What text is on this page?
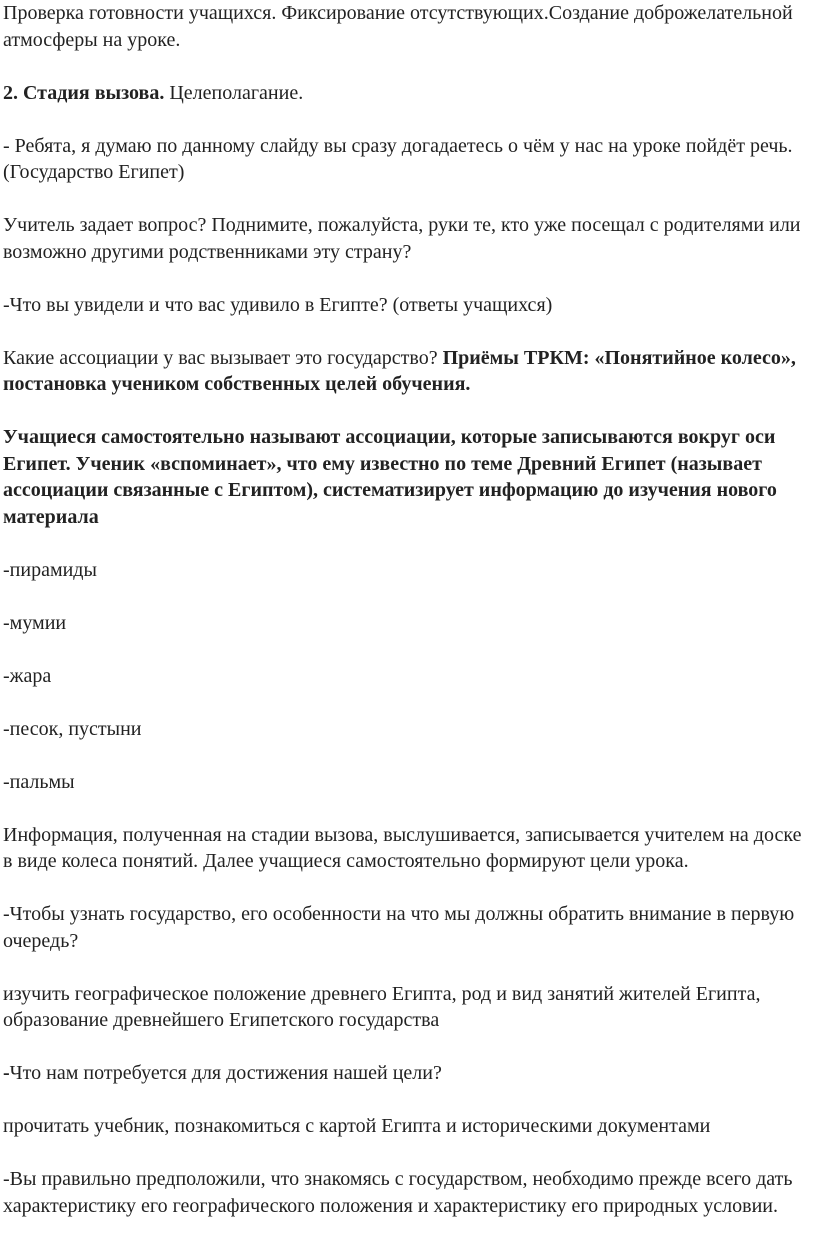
Проверка готовности учащихся. Фиксирование отсутствующих.Создание доброжелательной атмосферы на уроке.

2. Стадия вызова. Целеполагание.

- Ребята, я думаю по данному слайду вы сразу догадаетесь о чём у нас на уроке пойдёт речь.(Государство Египет)

Учитель задает вопрос? Поднимите, пожалуйста, руки те, кто уже посещал с родителями или возможно другими родственниками эту страну?

-Что вы увидели и что вас удивило в Египте? (ответы учащихся)

Какие ассоциации у вас вызывает это государство? Приёмы ТРКМ: «Понятийное колесо», постановка учеником собственных целей обучения.

Учащиеся самостоятельно называют ассоциации, которые записываются вокруг оси Египет. Ученик «вспоминает», что ему известно по теме Древний Египет (называет ассоциации связанные с Египтом), систематизирует информацию до изучения нового материала

-пирамиды

-мумии

-жара

-песок, пустыни

-пальмы

Информация, полученная на стадии вызова, выслушивается, записывается учителем на доске в виде колеса понятий. Далее учащиеся самостоятельно формируют цели урока.

-Чтобы узнать государство, его особенности на что мы должны обратить внимание в первую очередь?

изучить географическое положение древнего Египта, род и вид занятий жителей Египта, образование древнейшего Египетского государства

-Что нам потребуется для достижения нашей цели?

прочитать учебник, познакомиться с картой Египта и историческими документами

-Вы правильно предположили, что знакомясь с государством, необходимо прежде всего дать характеристику его географического положения и характеристику его природных условии.
